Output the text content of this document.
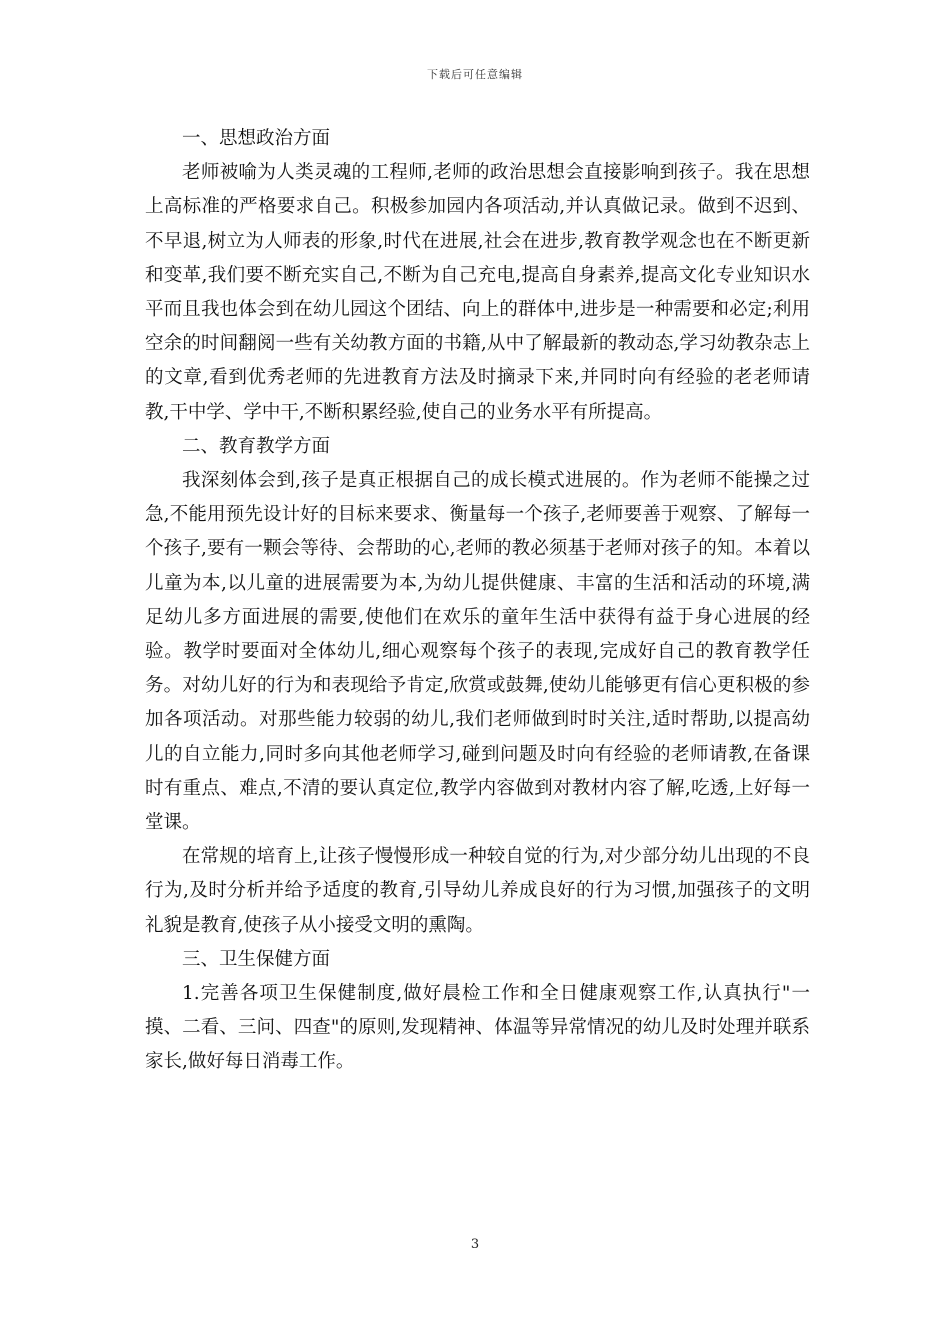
下载后可任意编辑

一、思想政治方面

老师被喻为人类灵魂的工程师,老师的政治思想会直接影响到孩子。我在思想上高标准的严格要求自己。积极参加园内各项活动,并认真做记录。做到不迟到、不早退,树立为人师表的形象,时代在进展,社会在进步,教育教学观念也在不断更新和变革,我们要不断充实自己,不断为自己充电,提高自身素养,提高文化专业知识水平而且我也体会到在幼儿园这个团结、向上的群体中,进步是一种需要和必定;利用空余的时间翻阅一些有关幼教方面的书籍,从中了解最新的教动态,学习幼教杂志上的文章,看到优秀老师的先进教育方法及时摘录下来,并同时向有经验的老老师请教,干中学、学中干,不断积累经验,使自己的业务水平有所提高。

二、教育教学方面

我深刻体会到,孩子是真正根据自己的成长模式进展的。作为老师不能操之过急,不能用预先设计好的目标来要求、衡量每一个孩子,老师要善于观察、了解每一个孩子,要有一颗会等待、会帮助的心,老师的教必须基于老师对孩子的知。本着以儿童为本,以儿童的进展需要为本,为幼儿提供健康、丰富的生活和活动的环境,满足幼儿多方面进展的需要,使他们在欢乐的童年生活中获得有益于身心进展的经验。教学时要面对全体幼儿,细心观察每个孩子的表现,完成好自己的教育教学任务。对幼儿好的行为和表现给予肯定,欣赏或鼓舞,使幼儿能够更有信心更积极的参加各项活动。对那些能力较弱的幼儿,我们老师做到时时关注,适时帮助,以提高幼儿的自立能力,同时多向其他老师学习,碰到问题及时向有经验的老师请教,在备课时有重点、难点,不清的要认真定位,教学内容做到对教材内容了解,吃透,上好每一堂课。

在常规的培育上,让孩子慢慢形成一种较自觉的行为,对少部分幼儿出现的不良行为,及时分析并给予适度的教育,引导幼儿养成良好的行为习惯,加强孩子的文明礼貌是教育,使孩子从小接受文明的熏陶。

三、卫生保健方面

1.完善各项卫生保健制度,做好晨检工作和全日健康观察工作,认真执行"一摸、二看、三问、四查"的原则,发现精神、体温等异常情况的幼儿及时处理并联系家长,做好每日消毒工作。

3
